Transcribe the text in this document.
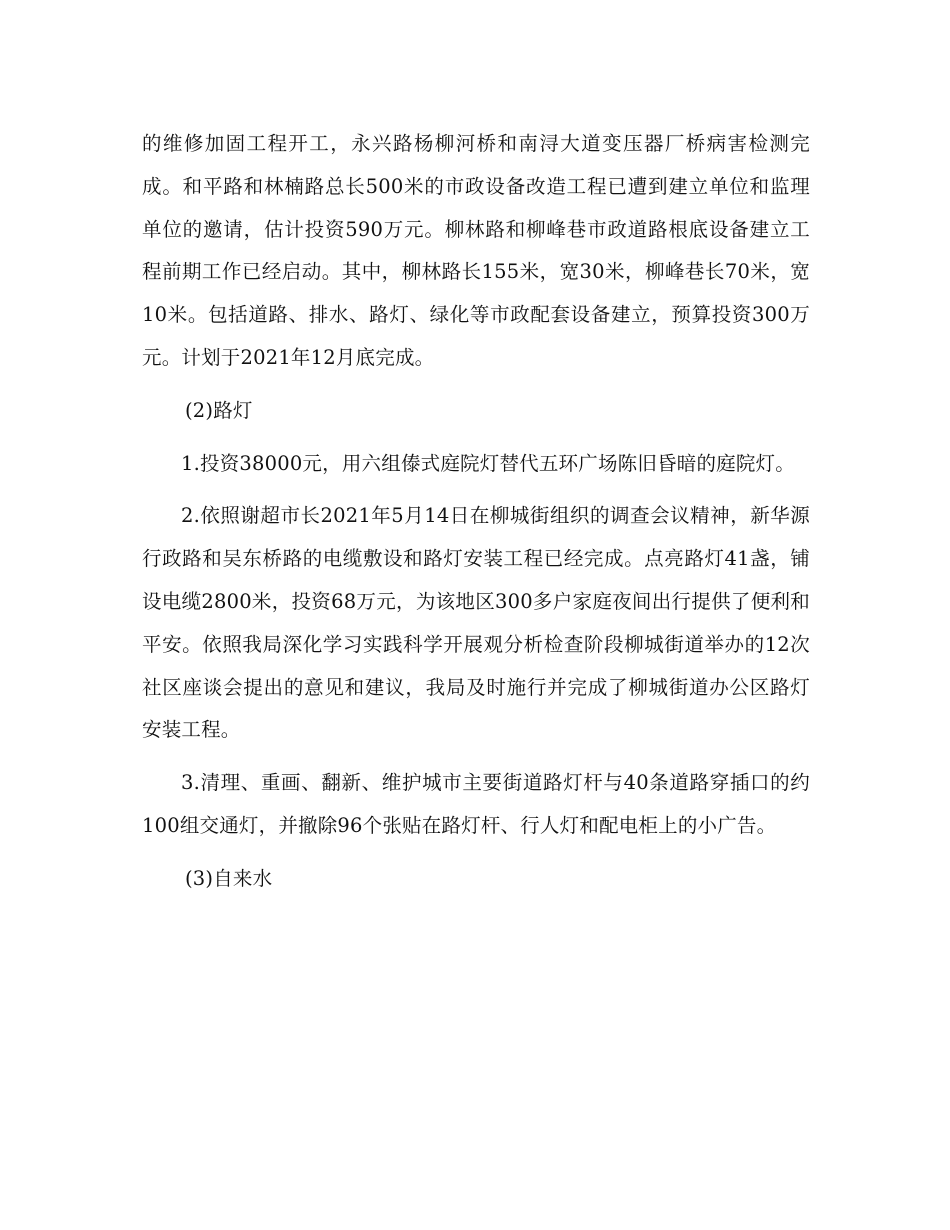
的维修加固工程开工，永兴路杨柳河桥和南浔大道变压器厂桥病害检测完成。和平路和林楠路总长500米的市政设备改造工程已遭到建立单位和监理单位的邀请，估计投资590万元。柳林路和柳峰巷市政道路根底设备建立工程前期工作已经启动。其中，柳林路长155米，宽30米，柳峰巷长70米，宽10米。包括道路、排水、路灯、绿化等市政配套设备建立，预算投资300万元。计划于2021年12月底完成。

(2)路灯

1.投资38000元，用六组傣式庭院灯替代五环广场陈旧昏暗的庭院灯。

2.依照谢超市长2021年5月14日在柳城街组织的调查会议精神，新华源行政路和吴东桥路的电缆敷设和路灯安装工程已经完成。点亮路灯41盏，铺设电缆2800米，投资68万元，为该地区300多户家庭夜间出行提供了便利和平安。依照我局深化学习实践科学开展观分析检查阶段柳城街道举办的12次社区座谈会提出的意见和建议，我局及时施行并完成了柳城街道办公区路灯安装工程。

3.清理、重画、翻新、维护城市主要街道路灯杆与40条道路穿插口的约100组交通灯，并撤除96个张贴在路灯杆、行人灯和配电柜上的小广告。

(3)自来水
